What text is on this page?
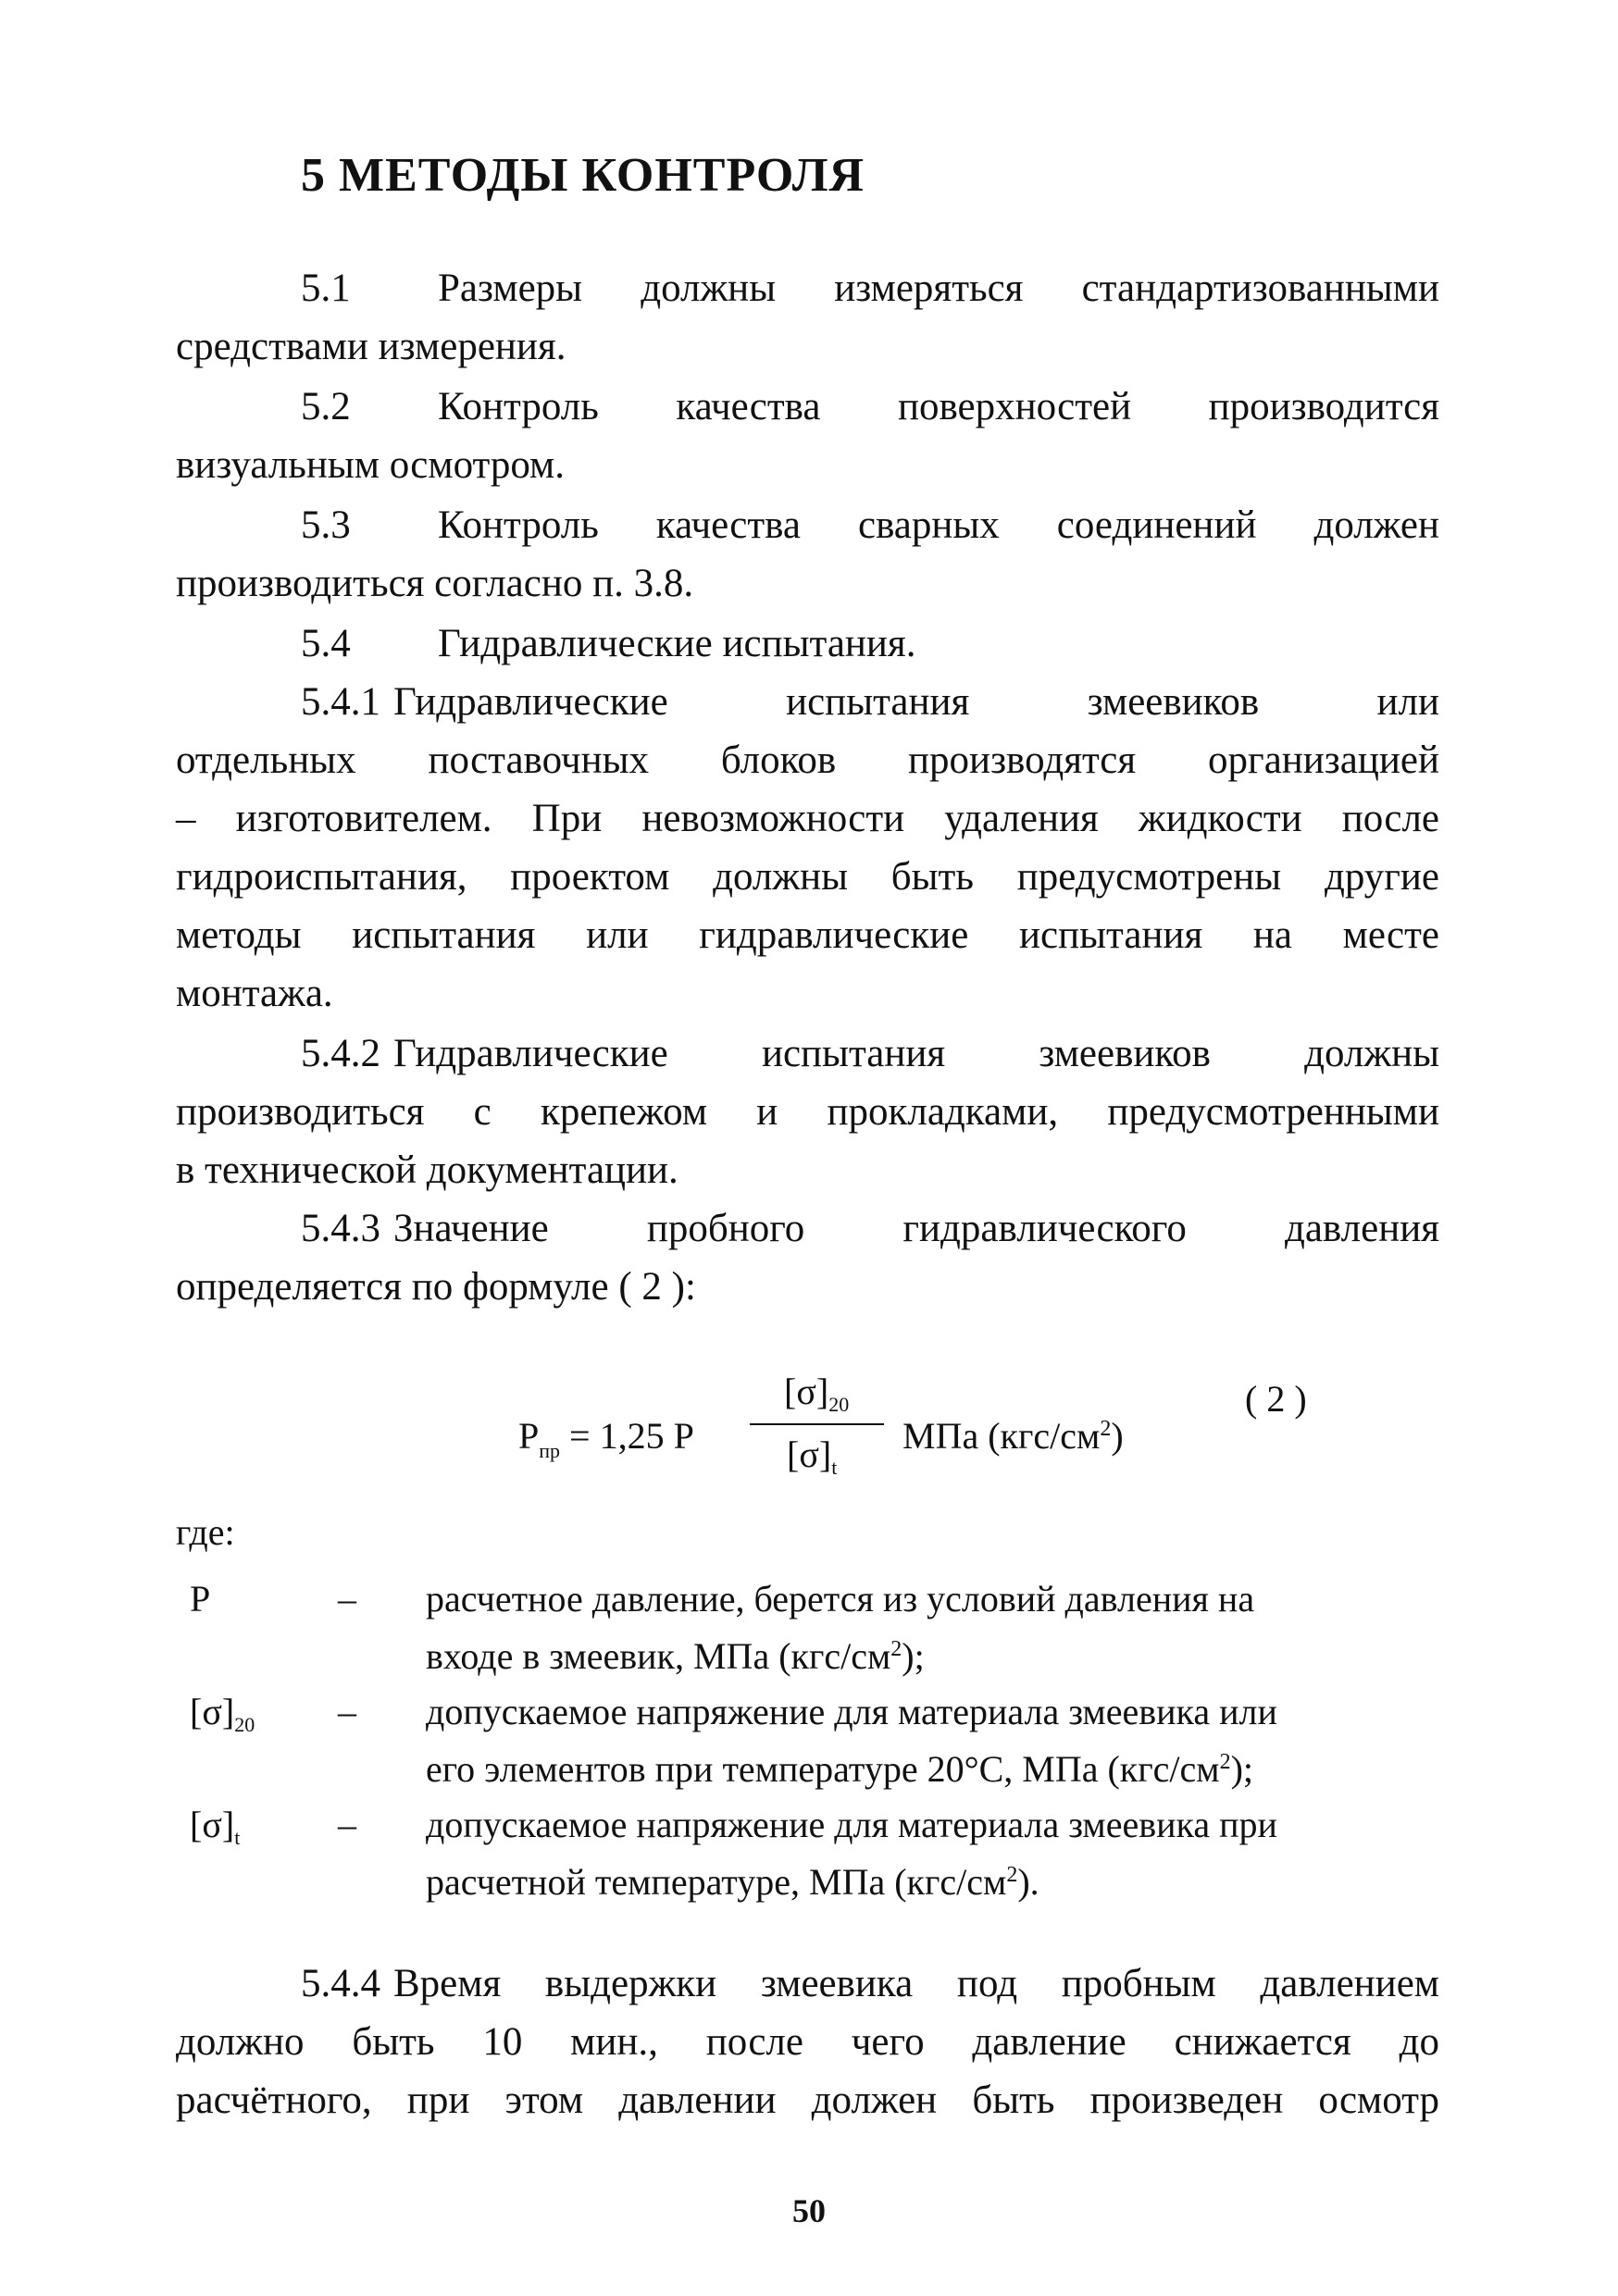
5 МЕТОДЫ КОНТРОЛЯ
5.1 Размеры должны измеряться стандартизованными
средствами измерения.
5.2 Контроль качества поверхностей производится
визуальным осмотром.
5.3 Контроль качества сварных соединений должен
производиться согласно п. 3.8.
5.4 Гидравлические испытания.
5.4.1 Гидравлические испытания змеевиков или
отдельных поставочных блоков производятся организацией
– изготовителем. При невозможности удаления жидкости после
гидроиспытания, проектом должны быть предусмотрены другие
методы испытания или гидравлические испытания на месте
монтажа.
5.4.2 Гидравлические испытания змеевиков должны
производиться с крепежом и прокладками, предусмотренными
в технической документации.
5.4.3 Значение пробного гидравлического давления
определяется по формуле ( 2 ):
$P_{пр} = 1,25$ P
$[\sigma]_{20}$
$[\sigma]_t$
МПа $(кгс/см^2)$
( 2 )
где:
P	– расчетное давление, берется из условий давления на
входе в змеевик, МПа $(кгс/см^2)$;
$[\sigma]_{20}$ – допускаемое напряжение для материала змеевика или
его элементов при температуре 20°С, МПа $(кгс/см^2)$;
$[\sigma]_t$	– допускаемое напряжение для материала змеевика при
расчетной температуре, МПа $(кгс/см^2)$.
5.4.4 Время выдержки змеевика под пробным давлением
должно быть 10 мин., после чего давление снижается до
расчётного, при этом давлении должен быть произведен осмотр
50
